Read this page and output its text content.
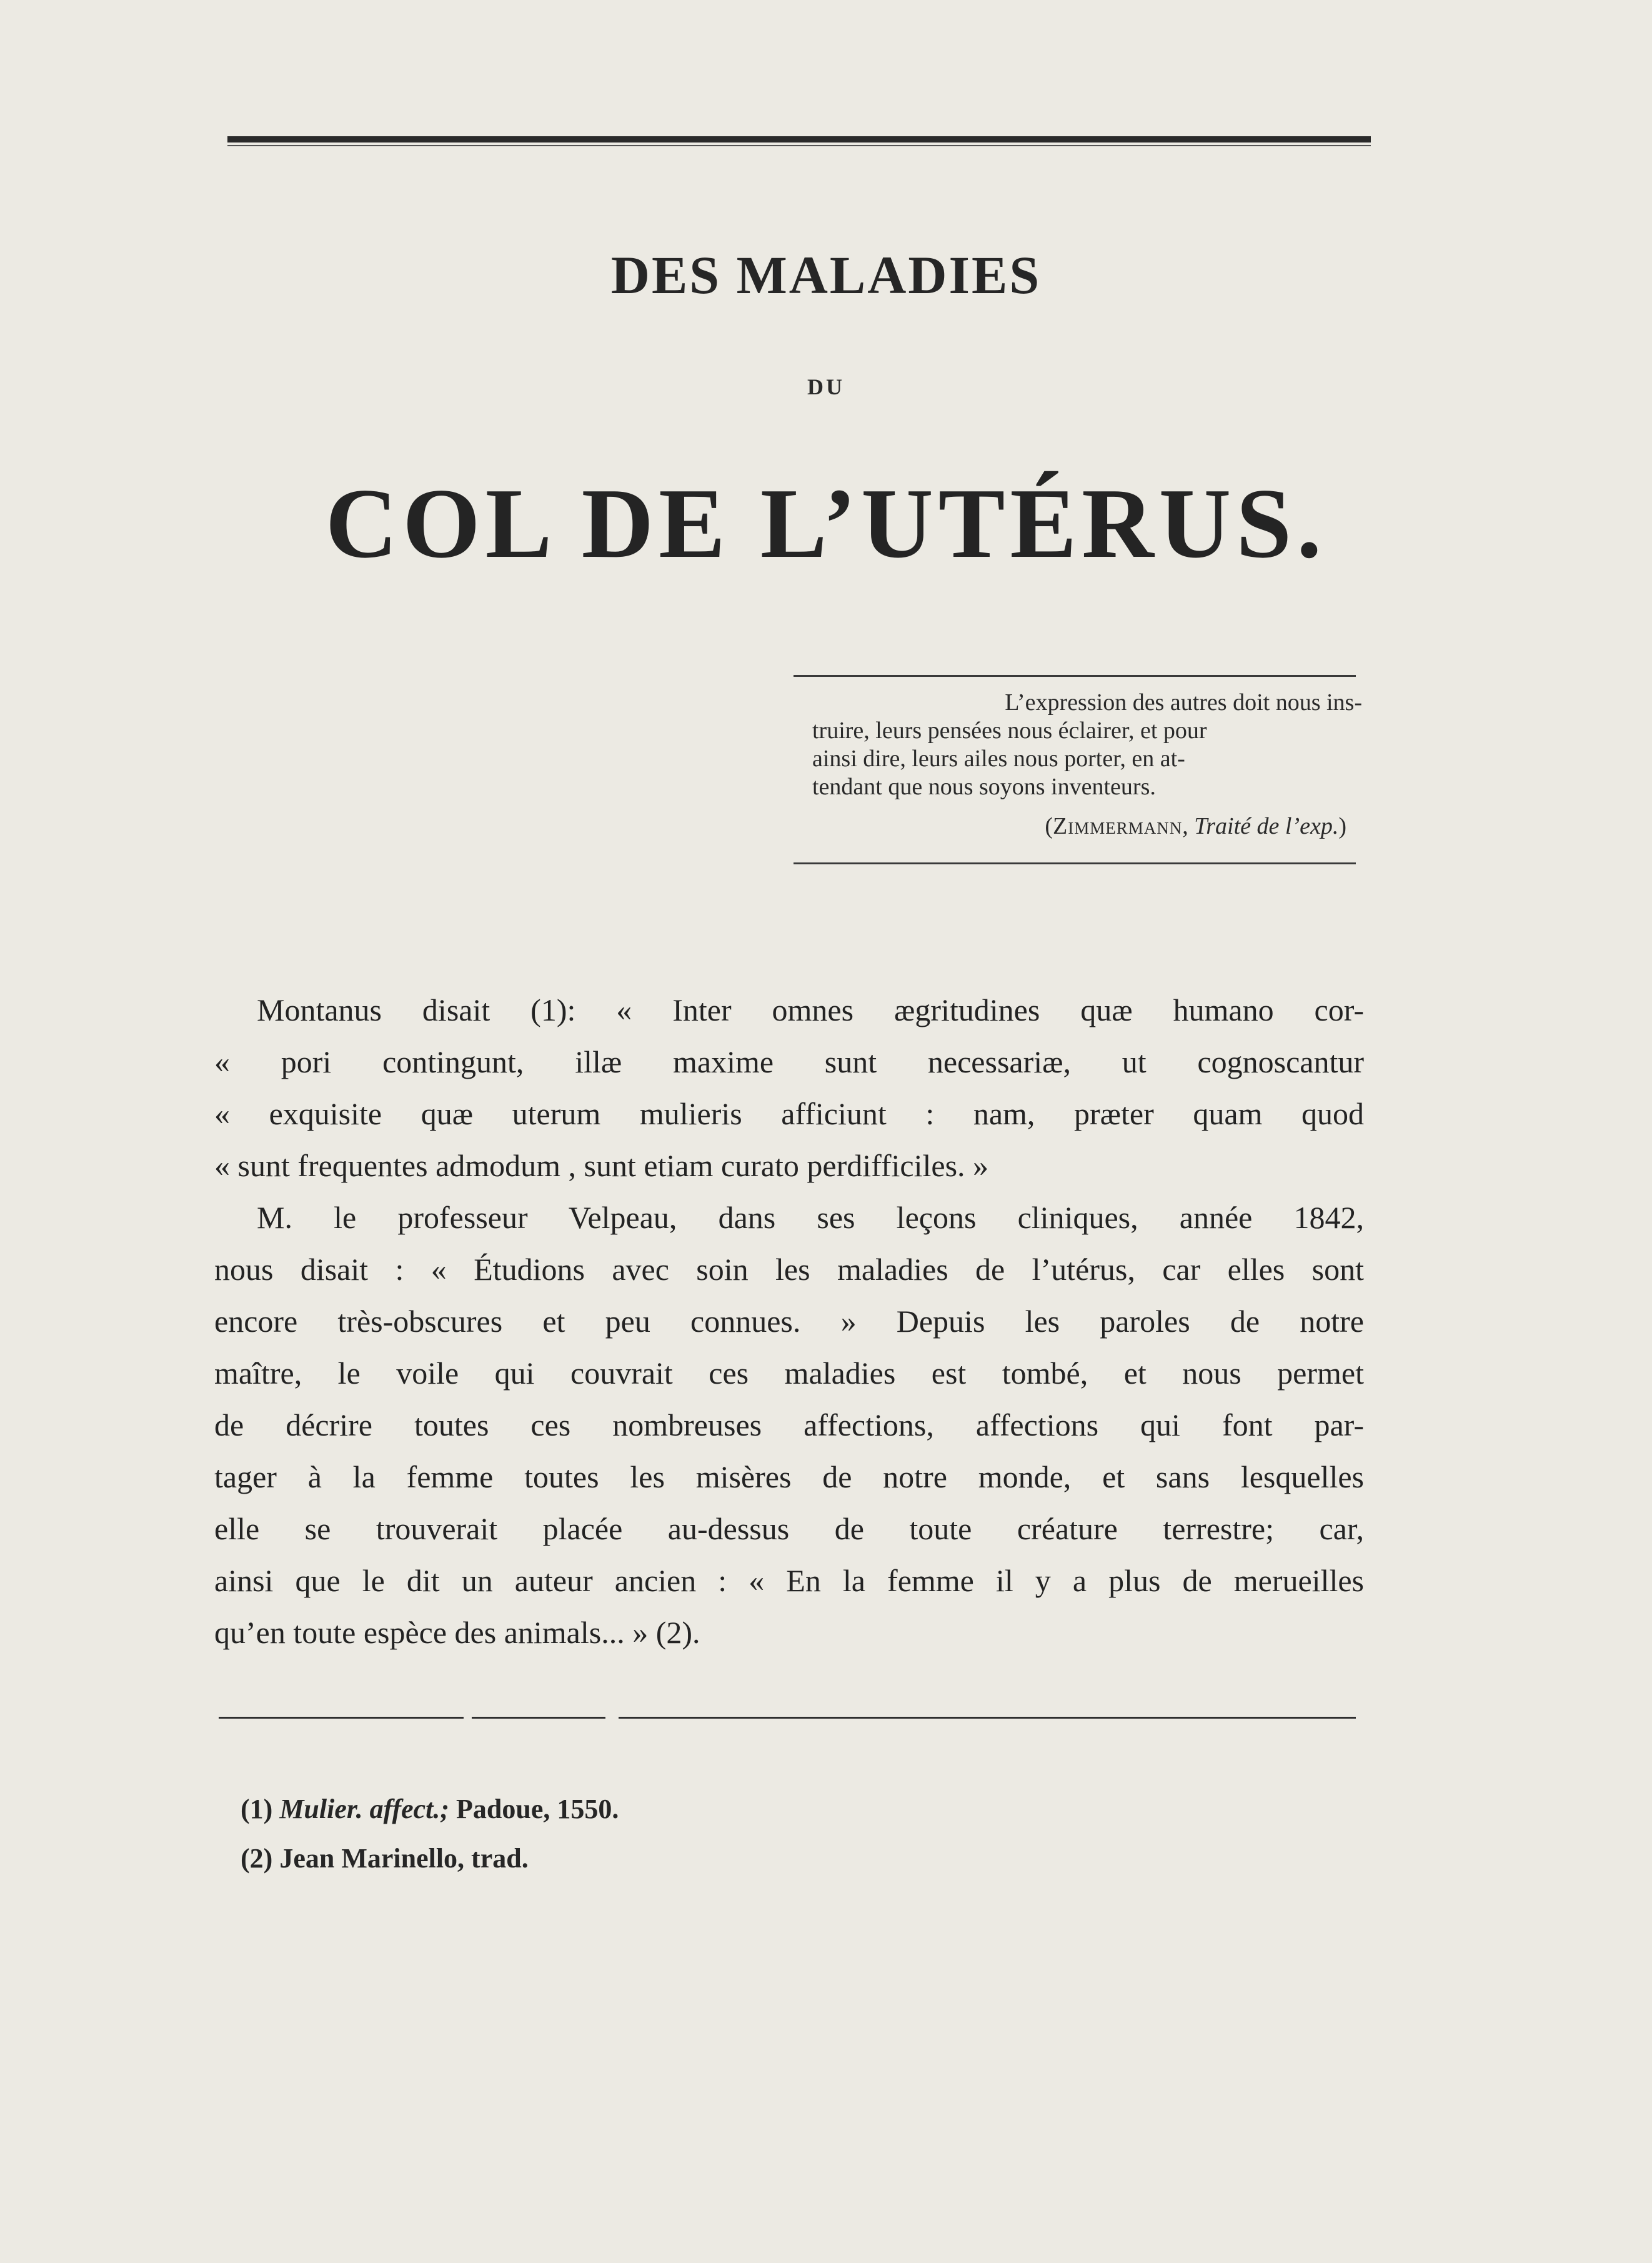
DES MALADIES
DU
COL DE L’UTÉRUS.
L’expression des autres doit nous ins-
truire, leurs pensées nous éclairer, et pour
ainsi dire, leurs ailes nous porter, en at-
tendant que nous soyons inventeurs.
(Zimmermann, Traité de l’exp.)
Montanus disait (1): « Inter omnes ægritudines quæ humano cor-
« pori contingunt, illæ maxime sunt necessariæ, ut cognoscantur
« exquisite quæ uterum mulieris afficiunt : nam, præter quam quod
« sunt frequentes admodum , sunt etiam curato perdifficiles. »
M. le professeur Velpeau, dans ses leçons cliniques, année 1842,
nous disait : « Étudions avec soin les maladies de l’utérus, car elles sont
encore très-obscures et peu connues. » Depuis les paroles de notre
maître, le voile qui couvrait ces maladies est tombé, et nous permet
de décrire toutes ces nombreuses affections, affections qui font par-
tager à la femme toutes les misères de notre monde, et sans lesquelles
elle se trouverait placée au-dessus de toute créature terrestre; car,
ainsi que le dit un auteur ancien : « En la femme il y a plus de merueilles
qu’en toute espèce des animals... » (2).
(1) Mulier. affect.; Padoue, 1550.
(2) Jean Marinello, trad.
